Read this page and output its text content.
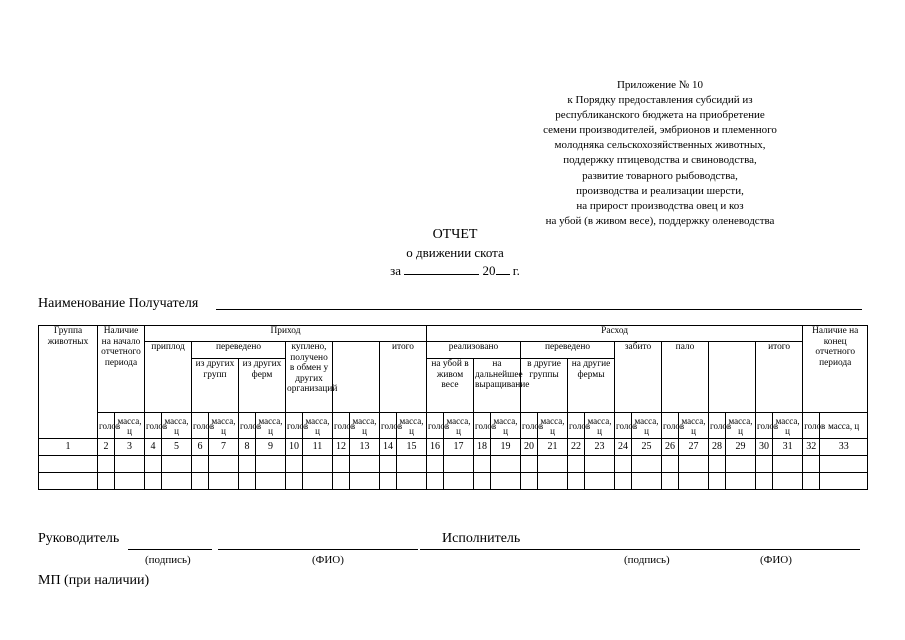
Приложение № 10
к Порядку предоставления субсидий из
республиканского бюджета на приобретение
семени производителей, эмбрионов и племенного
молодняка сельскохозяйственных животных,
поддержку птицеводства и свиноводства,
развитие товарного рыбоводства,
производства и реализации шерсти,
на прирост производства овец и коз
на убой (в живом весе), поддержку оленеводства
ОТЧЕТ
о движении скота
за	20 г.
Наименование Получателя
Группа животных	Наличие на начало отчетного периода		Приход												Расход																Наличие на конец отчетного периода	
			приплод		переведено				куплено, получено в обмен у других организаций				итого		реализовано				переведено				забито		пало				итого			
					из других групп		из других ферм								на убой в живом весе		на дальнейшее выращивание		в другие группы		на другие фермы											
	голов	масса, ц	голов	масса, ц	голов	масса, ц	голов	масса, ц	голов	масса, ц	голов	масса, ц	голов	масса, ц	голов	масса, ц	голов	масса, ц	голов	масса, ц	голов	масса, ц	голов	масса, ц	голов	масса, ц	голов	масса, ц	голов	масса, ц	голов	масса, ц
1	2	3	4	5	6	7	8	9	10	11	12	13	14	15	16	17	18	19	20	21	22	23	24	25	26	27	28	29	30	31	32	33

Руководитель	Исполнитель
(подпись)	(ФИО)	(подпись)	(ФИО)
МП (при наличии)
